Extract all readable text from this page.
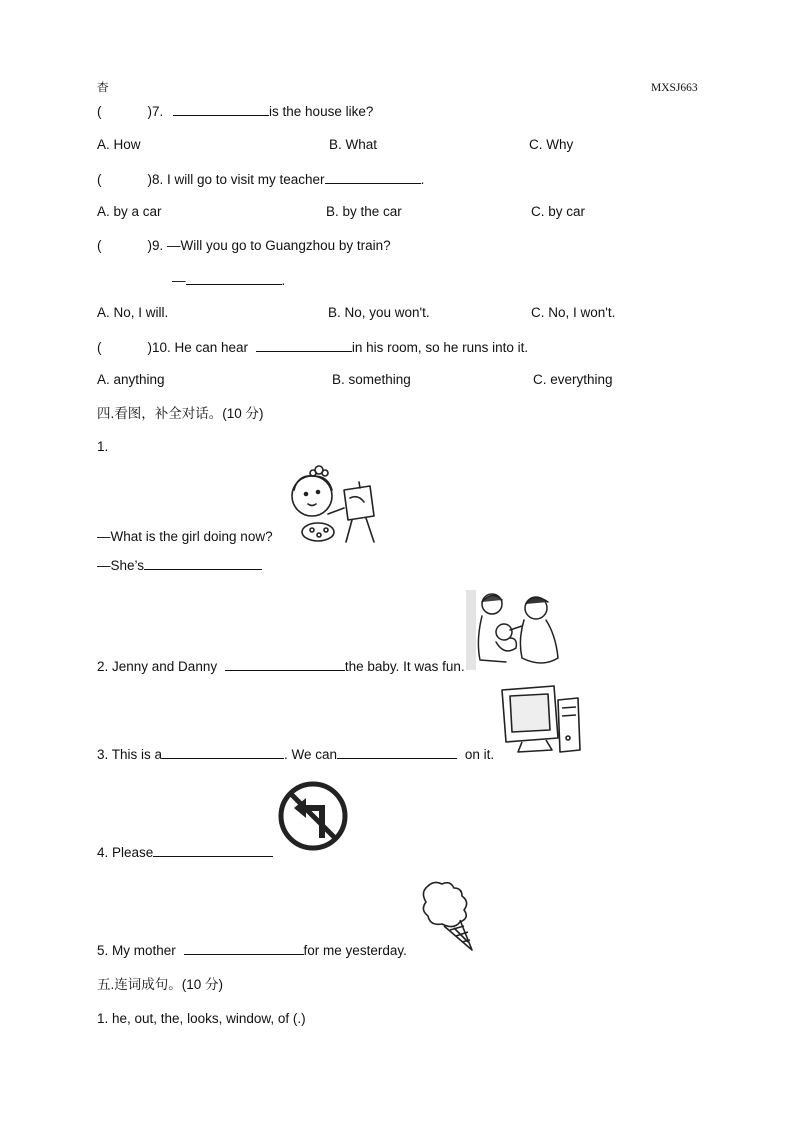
杳	MXSJ663
(	)7.	is the house like?
A. How	B. What	C. Why
(	)8. I will go to visit my teacher	.
A. by a car	B. by the car	C. by car
(	)9. —Will you go to Guangzhou by train?
—	.
A. No, I will.	B. No, you won't.	C. No, I won't.
(	)10. He can hear	in his room, so he runs into it.
A. anything	B. something	C. everything
四.看图，补全对话。(10 分)
1.
—What is the girl doing now?
—She’s
2. Jenny and Danny	the baby. It was fun.
3. This is a	. We can	on it.
4. Please
5. My mother	for me yesterday.
五.连词成句。(10 分)
1. he, out, the, looks, window, of (.)
